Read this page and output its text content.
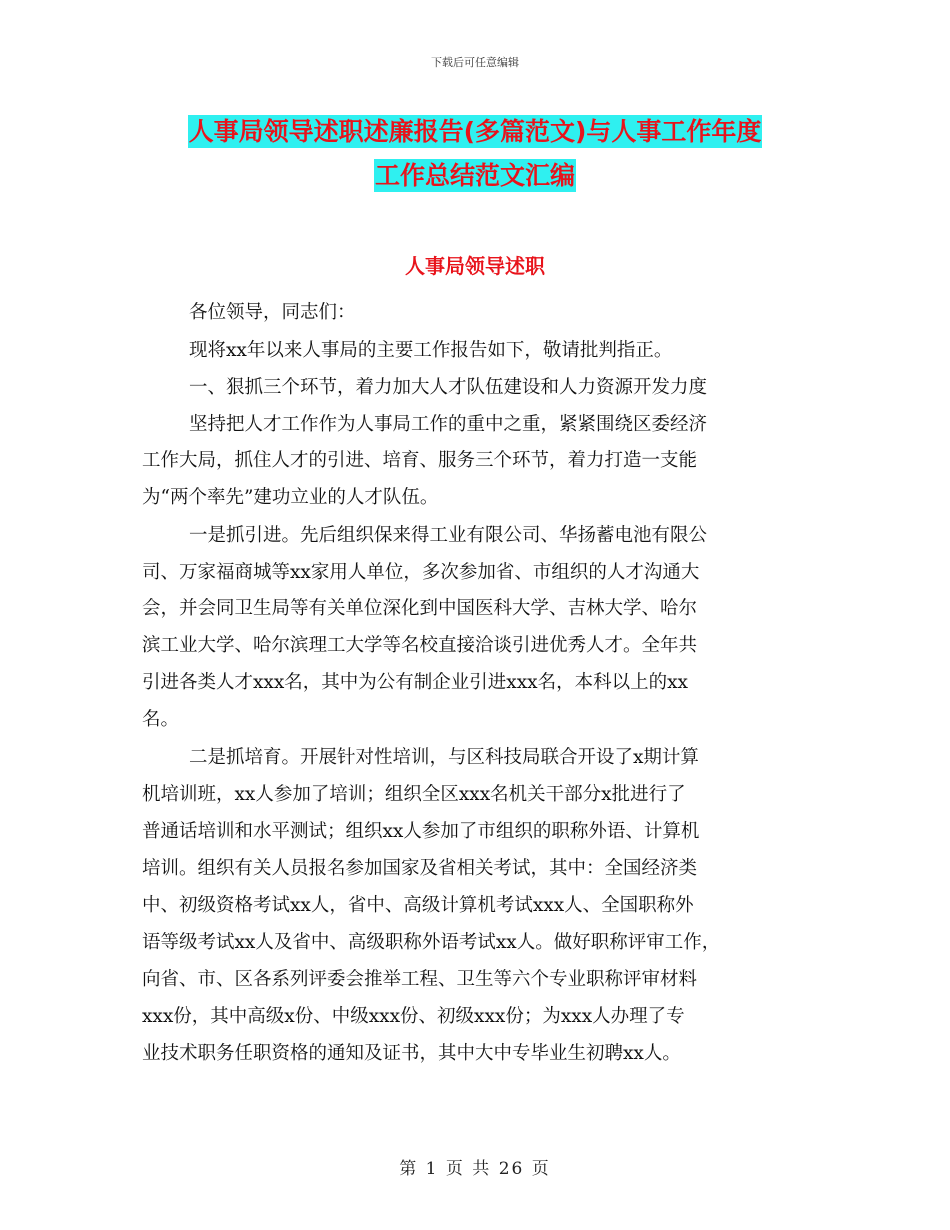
下载后可任意编辑
人事局领导述职述廉报告(多篇范文)与人事工作年度
工作总结范文汇编
人事局领导述职
各位领导，同志们：
现将xx年以来人事局的主要工作报告如下，敬请批判指正。
一、狠抓三个环节，着力加大人才队伍建设和人力资源开发力度
坚持把人才工作作为人事局工作的重中之重，紧紧围绕区委经济
工作大局，抓住人才的引进、培育、服务三个环节，着力打造一支能
为“两个率先”建功立业的人才队伍。
一是抓引进。先后组织保来得工业有限公司、华扬蓄电池有限公
司、万家福商城等xx家用人单位，多次参加省、市组织的人才沟通大
会，并会同卫生局等有关单位深化到中国医科大学、吉林大学、哈尔
滨工业大学、哈尔滨理工大学等名校直接洽谈引进优秀人才。全年共
引进各类人才xxx名，其中为公有制企业引进xxx名，本科以上的xx
名。
二是抓培育。开展针对性培训，与区科技局联合开设了x期计算
机培训班，xx人参加了培训；组织全区xxx名机关干部分x批进行了
普通话培训和水平测试；组织xx人参加了市组织的职称外语、计算机
培训。组织有关人员报名参加国家及省相关考试，其中：全国经济类
中、初级资格考试xx人，省中、高级计算机考试xxx人、全国职称外
语等级考试xx人及省中、高级职称外语考试xx人。做好职称评审工作，
向省、市、区各系列评委会推举工程、卫生等六个专业职称评审材料
xxx份，其中高级x份、中级xxx份、初级xxx份；为xxx人办理了专
业技术职务任职资格的通知及证书，其中大中专毕业生初聘xx人。
第 1 页 共 26 页
